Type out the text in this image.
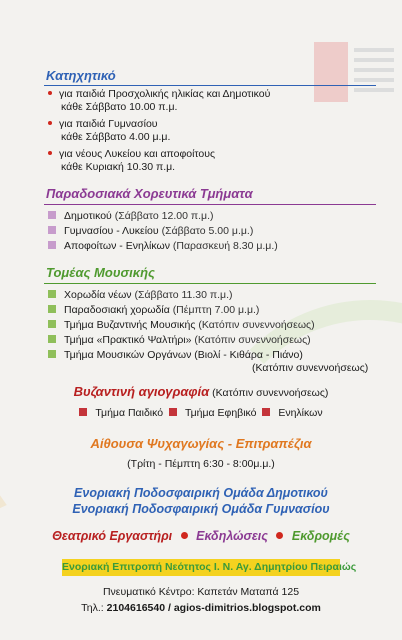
Κατηχητικό
για παιδιά Προσχολικής ηλικίας και Δημοτικού
κάθε Σάββατο 10.00 π.μ.
για παιδιά Γυμνασίου
κάθε Σάββατο 4.00 μ.μ.
για νέους Λυκείου και αποφοίτους
κάθε Κυριακή 10.30 π.μ.
Παραδοσιακά Χορευτικά Τμήματα
Δημοτικού (Σάββατο 12.00 π.μ.)
Γυμνασίου - Λυκείου (Σάββατο 5.00 μ.μ.)
Αποφοίτων - Ενηλίκων (Παρασκευή 8.30 μ.μ.)
Τομέας Μουσικής
Χορωδία νέων (Σάββατο 11.30 π.μ.)
Παραδοσιακή χορωδία (Πέμπτη 7.00 μ.μ.)
Τμήμα Βυζαντινής Μουσικής (Κατόπιν συνεννοήσεως)
Τμήμα «Πρακτικό Ψαλτήρι» (Κατόπιν συνεννοήσεως)
Τμήμα Μουσικών Οργάνων (Βιολί - Κιθάρα - Πιάνο)
(Κατόπιν συνεννοήσεως)
Βυζαντινή αγιογραφία (Κατόπιν συνεννοήσεως)
Τμήμα Παιδικό Τμήμα Εφηβικό Ενηλίκων
Αίθουσα Ψυχαγωγίας - Επιτραπέζια
(Τρίτη - Πέμπτη 6:30 - 8:00μ.μ.)
Ενοριακή Ποδοσφαιρική Ομάδα Δημοτικού
Ενοριακή Ποδοσφαιρική Ομάδα Γυμνασίου
Θεατρικό Εργαστήρι Εκδηλώσεις Εκδρομές
Ενοριακή Επιτροπή Νεότητος Ι. Ν. Αγ. Δημητρίου Πειραιώς
Πνευματικό Κέντρο: Καπετάν Ματαπά 125
Τηλ.: 2104616540 / agios-dimitrios.blogspot.com
